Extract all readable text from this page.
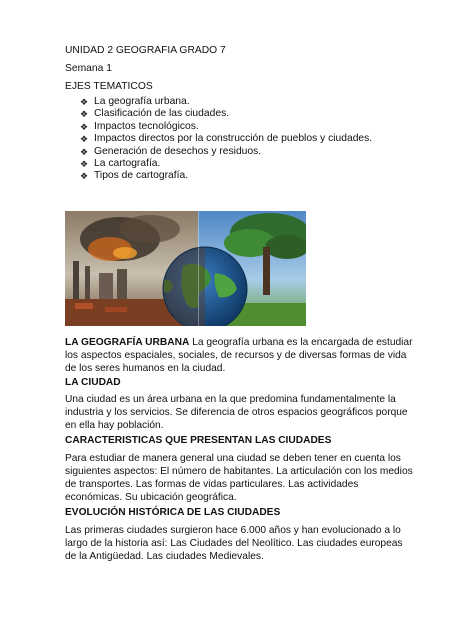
UNIDAD 2 GEOGRAFIA GRADO 7
Semana 1
EJES TEMATICOS
❖ La geografía urbana.
❖ Clasificación de las ciudades.
❖ Impactos tecnológicos.
❖ Impactos directos por la construcción de pueblos y ciudades.
❖ Generación de desechos y residuos.
❖ La cartografía.
❖ Tipos de cartografía.
LA GEOGRAFÍA URBANA La geografía urbana es la encargada de estudiar los aspectos espaciales, sociales, de recursos y de diversas formas de vida de los seres humanos en la ciudad.
LA CIUDAD
Una ciudad es un área urbana en la que predomina fundamentalmente la industria y los servicios. Se diferencia de otros espacios geográficos porque en ella hay población.
CARACTERISTICAS QUE PRESENTAN LAS CIUDADES
Para estudiar de manera general una ciudad se deben tener en cuenta los siguientes aspectos: El número de habitantes. La articulación con los medios de transportes. Las formas de vidas particulares. Las actividades económicas. Su ubicación geográfica.
EVOLUCIÓN HISTÓRICA DE LAS CIUDADES
Las primeras ciudades surgieron hace 6.000 años y han evolucionado a lo largo de la historia así: Las Ciudades del Neolítico. Las ciudades europeas de la Antigüedad. Las ciudades Medievales.
